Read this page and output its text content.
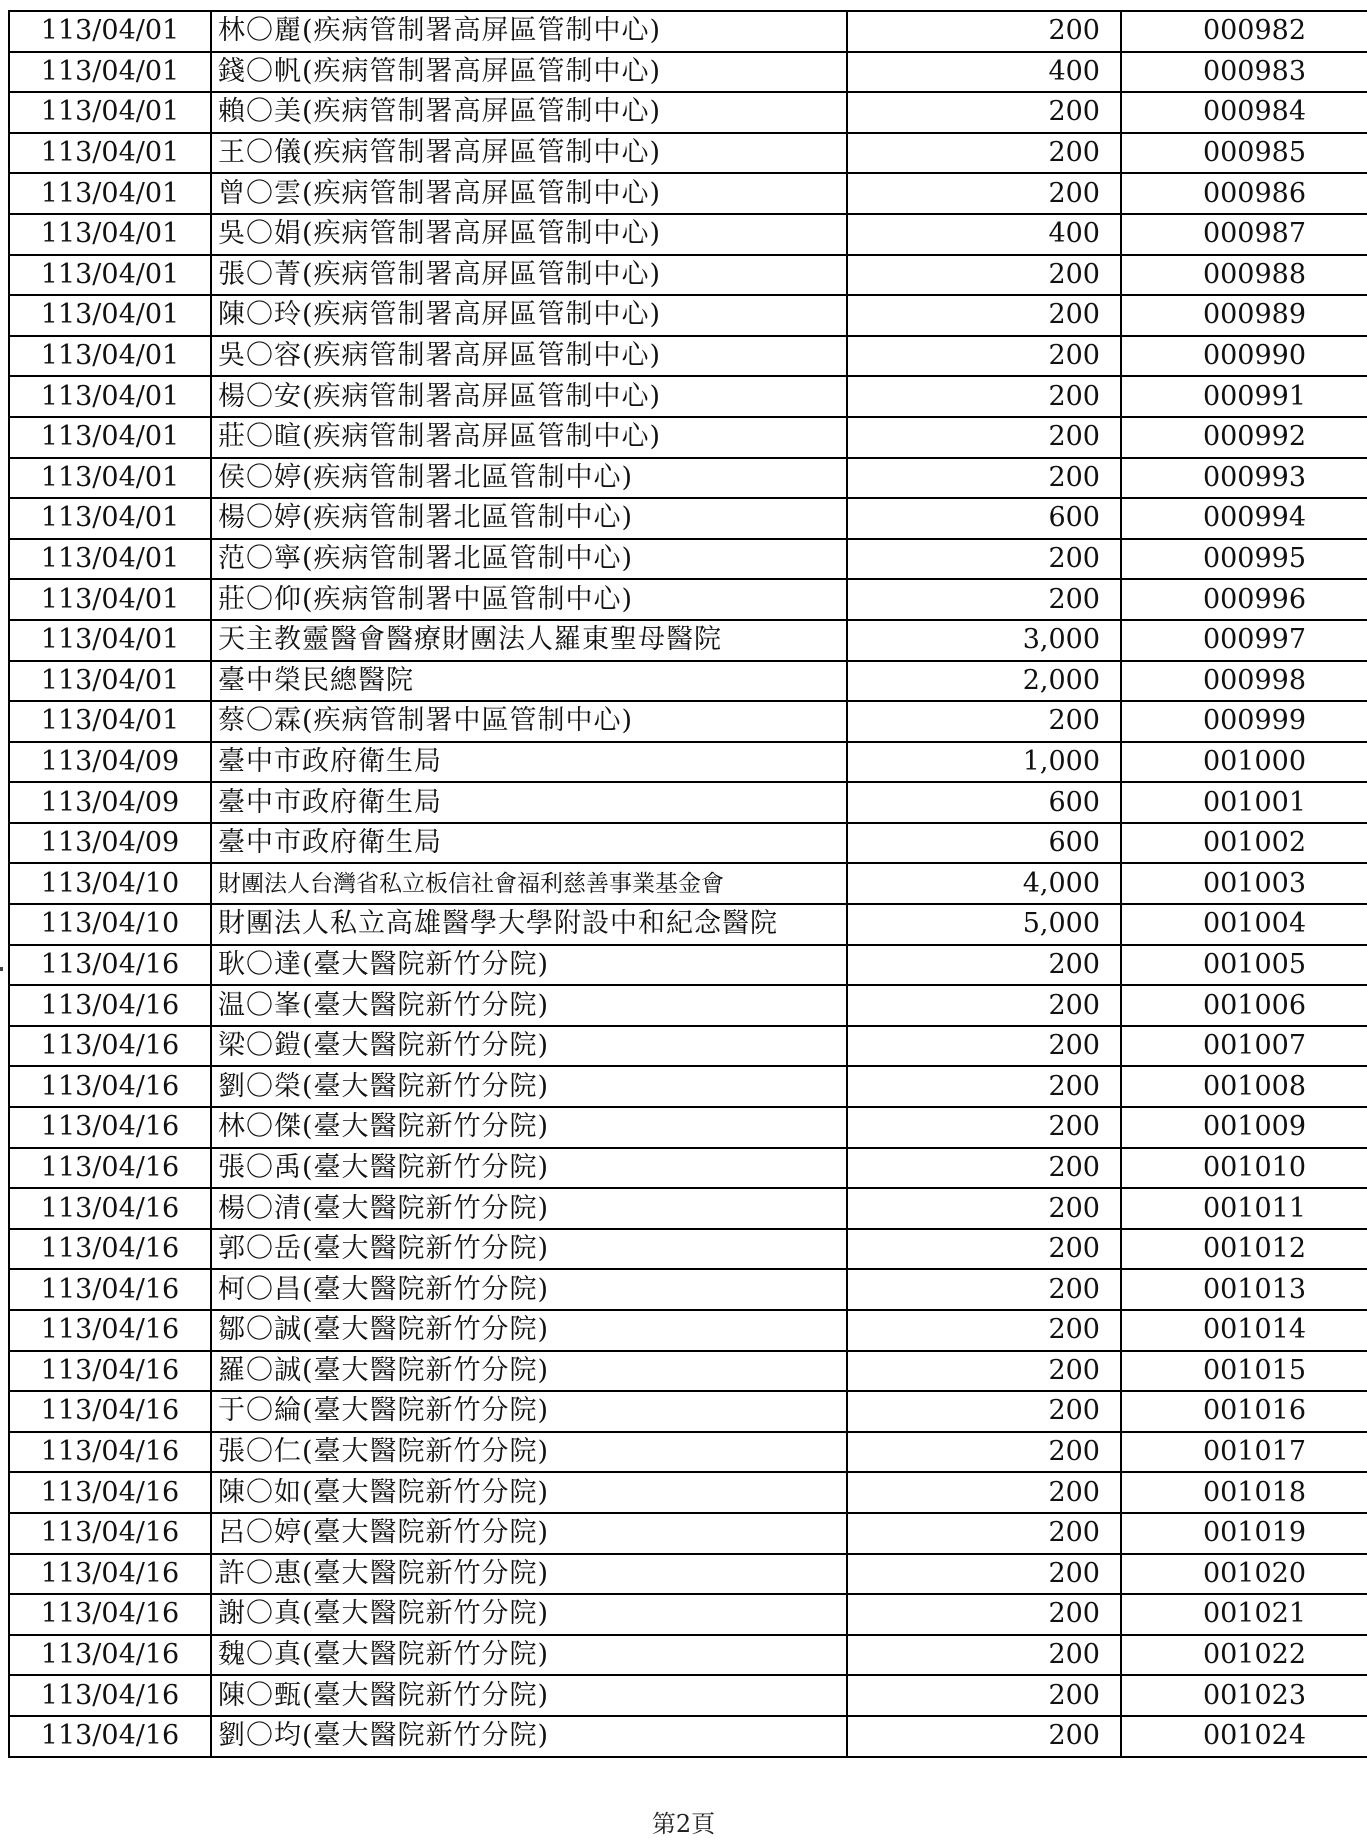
113/04/01	林〇麗(疾病管制署高屏區管制中心)	200	000982
113/04/01	錢〇帆(疾病管制署高屏區管制中心)	400	000983
113/04/01	賴〇美(疾病管制署高屏區管制中心)	200	000984
113/04/01	王〇儀(疾病管制署高屏區管制中心)	200	000985
113/04/01	曾〇雲(疾病管制署高屏區管制中心)	200	000986
113/04/01	吳〇娟(疾病管制署高屏區管制中心)	400	000987
113/04/01	張〇菁(疾病管制署高屏區管制中心)	200	000988
113/04/01	陳〇玲(疾病管制署高屏區管制中心)	200	000989
113/04/01	吳〇容(疾病管制署高屏區管制中心)	200	000990
113/04/01	楊〇安(疾病管制署高屏區管制中心)	200	000991
113/04/01	莊〇暄(疾病管制署高屏區管制中心)	200	000992
113/04/01	侯〇婷(疾病管制署北區管制中心)	200	000993
113/04/01	楊〇婷(疾病管制署北區管制中心)	600	000994
113/04/01	范〇寧(疾病管制署北區管制中心)	200	000995
113/04/01	莊〇仰(疾病管制署中區管制中心)	200	000996
113/04/01	天主教靈醫會醫療財團法人羅東聖母醫院	3,000	000997
113/04/01	臺中榮民總醫院	2,000	000998
113/04/01	蔡〇霖(疾病管制署中區管制中心)	200	000999
113/04/09	臺中市政府衛生局	1,000	001000
113/04/09	臺中市政府衛生局	600	001001
113/04/09	臺中市政府衛生局	600	001002
113/04/10	財團法人台灣省私立板信社會福利慈善事業基金會	4,000	001003
113/04/10	財團法人私立高雄醫學大學附設中和紀念醫院	5,000	001004
113/04/16	耿〇達(臺大醫院新竹分院)	200	001005
113/04/16	温〇峯(臺大醫院新竹分院)	200	001006
113/04/16	梁〇鎧(臺大醫院新竹分院)	200	001007
113/04/16	劉〇榮(臺大醫院新竹分院)	200	001008
113/04/16	林〇傑(臺大醫院新竹分院)	200	001009
113/04/16	張〇禹(臺大醫院新竹分院)	200	001010
113/04/16	楊〇清(臺大醫院新竹分院)	200	001011
113/04/16	郭〇岳(臺大醫院新竹分院)	200	001012
113/04/16	柯〇昌(臺大醫院新竹分院)	200	001013
113/04/16	鄒〇誠(臺大醫院新竹分院)	200	001014
113/04/16	羅〇誠(臺大醫院新竹分院)	200	001015
113/04/16	于〇綸(臺大醫院新竹分院)	200	001016
113/04/16	張〇仁(臺大醫院新竹分院)	200	001017
113/04/16	陳〇如(臺大醫院新竹分院)	200	001018
113/04/16	呂〇婷(臺大醫院新竹分院)	200	001019
113/04/16	許〇惠(臺大醫院新竹分院)	200	001020
113/04/16	謝〇真(臺大醫院新竹分院)	200	001021
113/04/16	魏〇真(臺大醫院新竹分院)	200	001022
113/04/16	陳〇甄(臺大醫院新竹分院)	200	001023
113/04/16	劉〇均(臺大醫院新竹分院)	200	001024
第2頁
